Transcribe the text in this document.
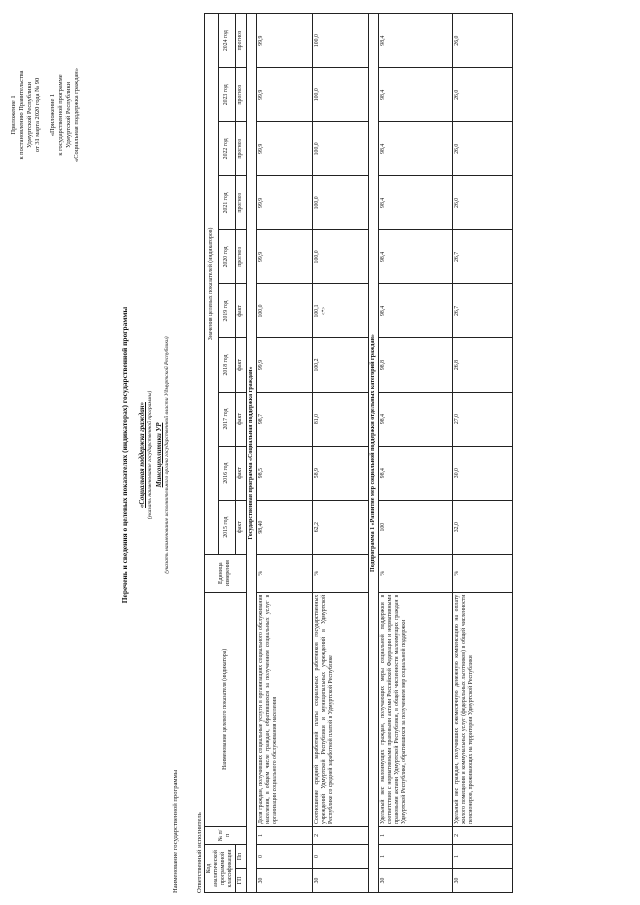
Приложение 1 к постановлению Правительства Удмуртской Республики от 31 марта 2020 года № 90 «Приложение 1 к государственной программе Удмуртской Республики «Социальная поддержка граждан»
Перечень и сведения о целевых показателях (индикаторах) государственной программы «Социальная поддержка граждан» (указать наименование государственной программы) Минсоцполитики УР (указать наименование исполнительного органа государственной власти Удмуртской Республики)
Наименование государственной программы	Ответственный исполнитель Код аналитической программной классификации		№ п/п	Наименование целевого показателя (индикатора)	Единица измерения	Значения целевых показателей (индикаторов)									
					2015 год	2016 год	2017 год	2018 год	2019 год	2020 год	2021 год	2022 год	2023 год	2024 год
ГП	Пп				факт	факт	факт	факт	факт	прогноз	прогноз	прогноз	прогноз	прогноз
Государственная программа «Социальная поддержка граждан»														
30	0	1	Доля граждан, получивших социальные услуги в организациях социального обслуживания населения, в общем числе граждан, обратившихся за получением социальных услуг в организации социального обслуживания населения	%	98,40	98,5	98,7	99,9	100,0	99,9	99,9	99,9	99,9	99,9
30	0	2	Соотношение средней заработной платы социальных работников государственных учреждений Удмуртской Республики и муниципальных учреждений в Удмуртской Республике со средней заработной платой в Удмуртской Республике	%	62,2	58,9	81,0	100,2	100,1 <*>	100,0	100,0	100,0	100,0	100,0
Подпрограмма 1 «Развитие мер социальной поддержки отдельных категорий граждан»														
30	1	1	Удельный вес малоимущих граждан, получающих меры социальной поддержки в соответствии с нормативными правовыми актами Российской Федерации и нормативными правовыми актами Удмуртской Республики, в общей численности малоимущих граждан в Удмуртской Республике, обратившихся за получением мер социальной поддержки	%	100	98,4	98,4	98,8	98,4	98,4	98,4	98,4	98,4	98,4
30	1	2	Удельный вес граждан, получивших ежемесячную денежную компенсацию на оплату жилого помещения и коммунальных услуг (федеральных льготников) в общей численности пенсионеров, проживающих на территории Удмуртской Республики	%	32,0	30,0	27,0	26,8	26,7	26,7	26,0	26,0	26,0	26,0
